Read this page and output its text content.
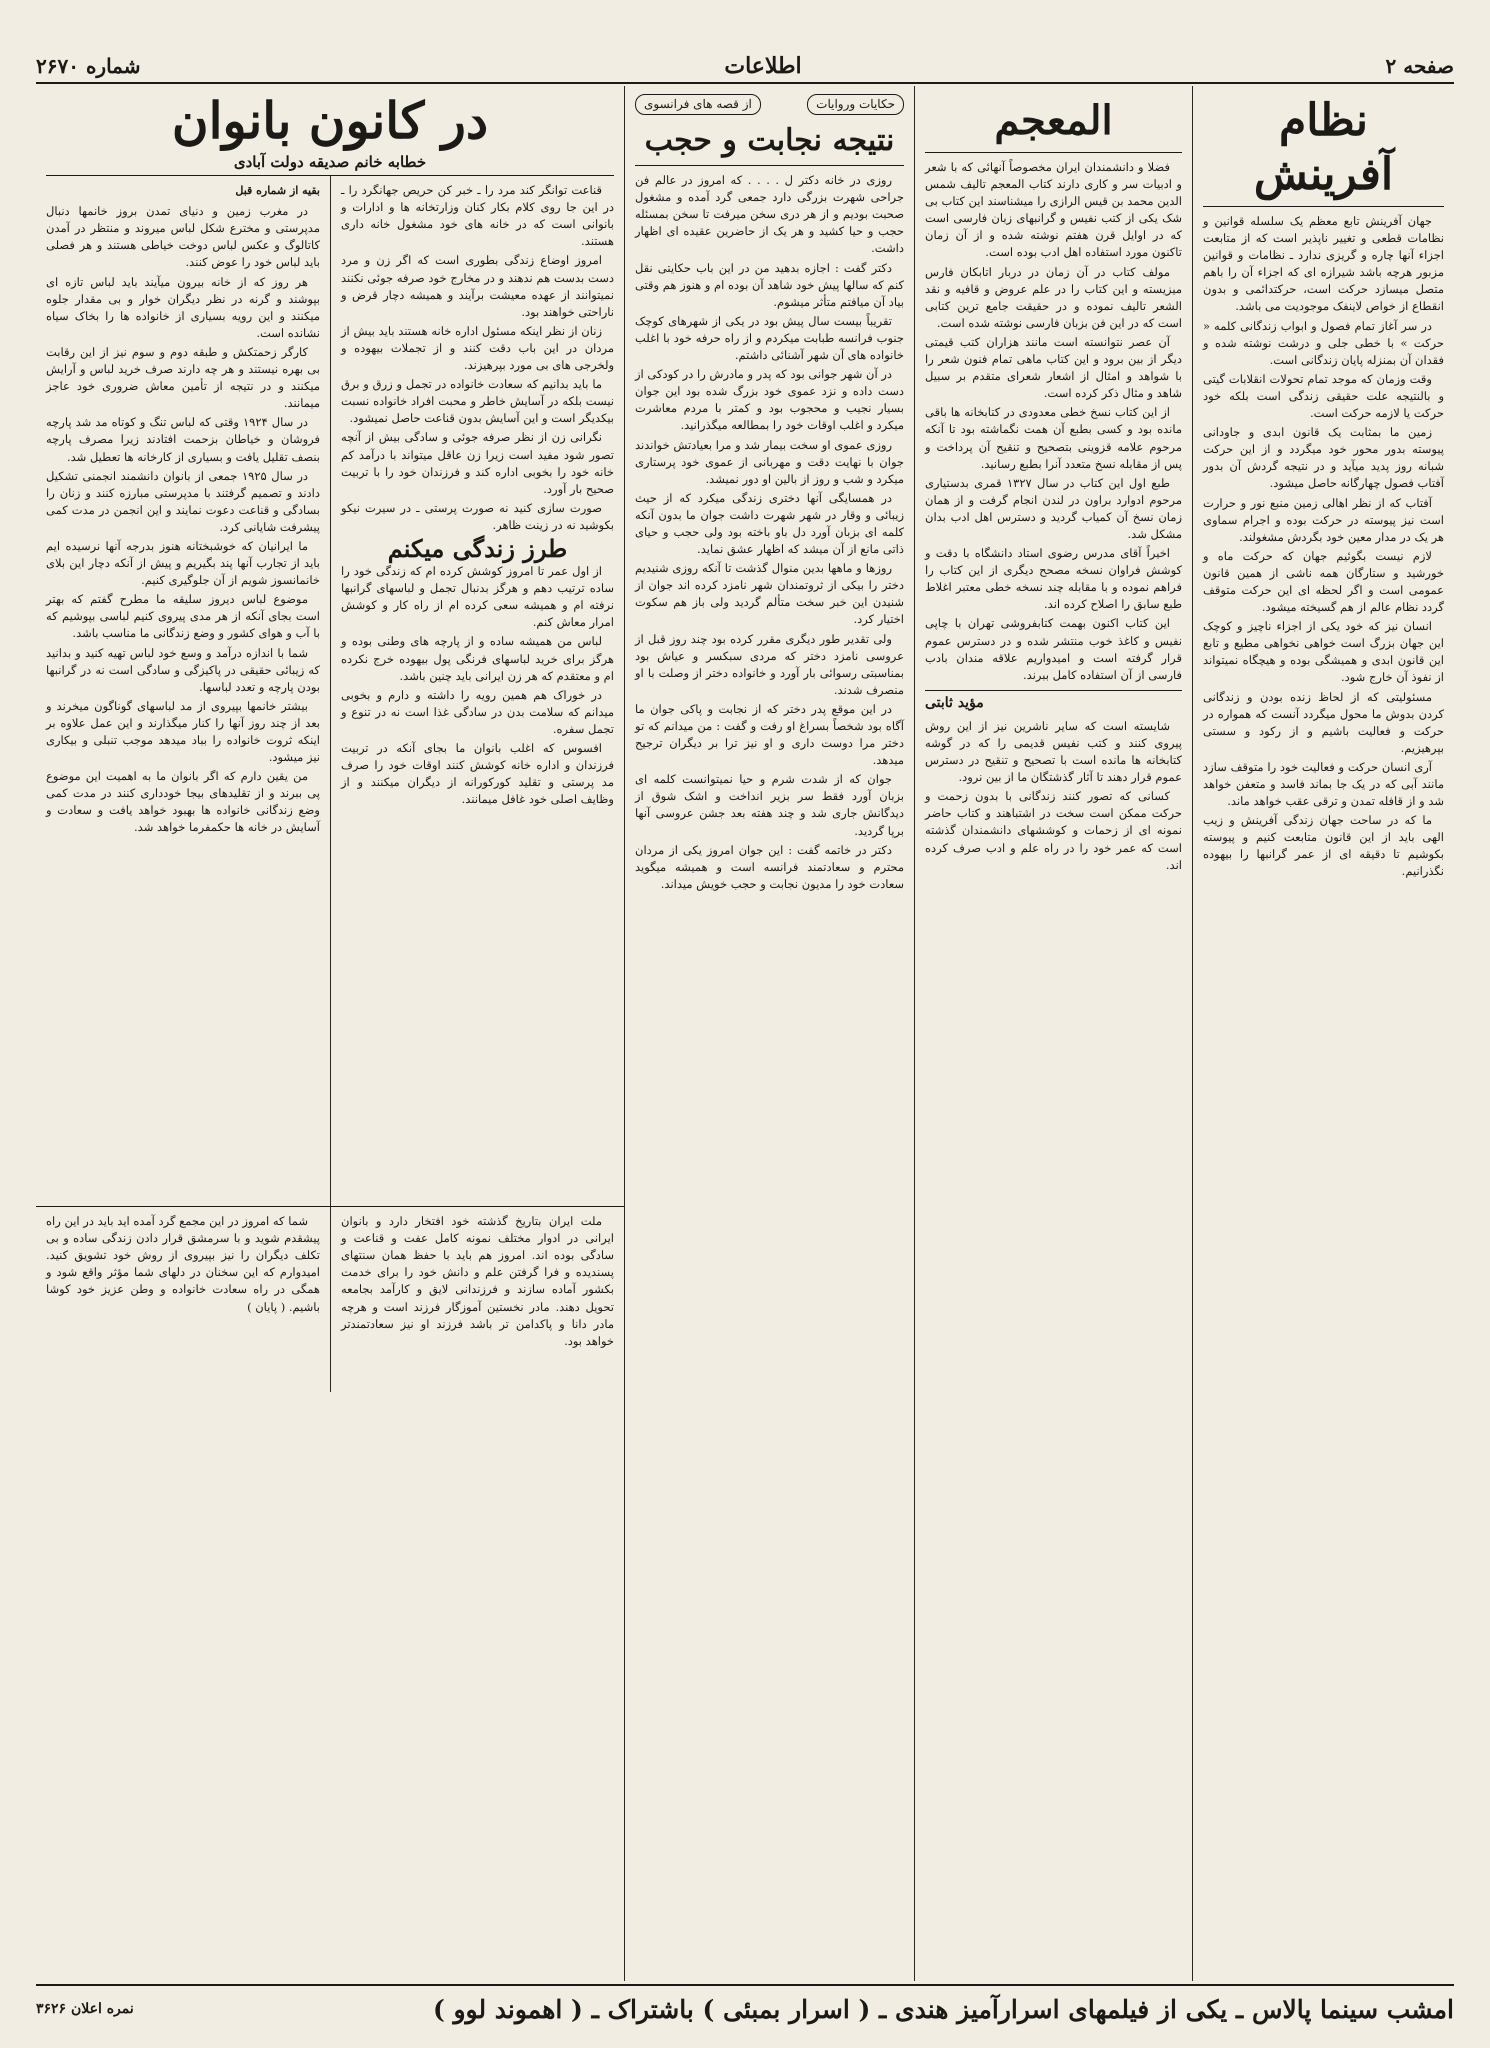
صفحه ۲
اطلاعات
شماره ۲۶۷۰
نظام آفرینش

جهان آفرینش تابع معظم یک سلسله قوانین و نظامات قطعی و تغییر ناپذیر است که از متابعت اجزاء آنها چاره و گریزی ندارد ـ نظامات و قوانین مزبور هرچه باشد شیرازه ای که اجزاء آن را باهم متصل میسازد حرکت است، حرکتدائمی و بدون انقطاع از خواص لاینفک موجودیت می باشد.

در سر آغاز تمام فصول و ابواب زندگانی کلمه « حرکت » با خطی جلی و درشت نوشته شده و فقدان آن بمنزله پایان زندگانی است.

وقت وزمان که موجد تمام تحولات انقلابات گیتی و بالنتیجه علت حقیقی زندگی است بلکه خود حرکت یا لازمه حرکت است.

زمین ما بمثابت یک قانون ابدی و جاودانی پیوسته بدور محور خود میگردد و از این حرکت شبانه روز پدید میآید و در نتیجه گردش آن بدور آفتاب فصول چهارگانه حاصل میشود.

آفتاب که از نظر اهالی زمین منبع نور و حرارت است نیز پیوسته در حرکت بوده و اجرام سماوی هر یک در مدار معین خود بگردش مشغولند.

لازم نیست بگوئیم جهان که حرکت ماه و خورشید و ستارگان همه ناشی از همین قانون عمومی است و اگر لحظه ای این حرکت متوقف گردد نظام عالم از هم گسیخته میشود.

انسان نیز که خود یکی از اجزاء ناچیز و کوچک این جهان بزرگ است خواهی نخواهی مطیع و تابع این قانون ابدی و همیشگی بوده و هیچگاه نمیتواند از نفوذ آن خارج شود.

مسئولیتی که از لحاظ زنده بودن و زندگانی کردن بدوش ما محول میگردد آنست که همواره در حرکت و فعالیت باشیم و از رکود و سستی بپرهیزیم.

آری انسان حرکت و فعالیت خود را متوقف سازد مانند آبی که در یک جا بماند فاسد و متعفن خواهد شد و از قافله تمدن و ترقی عقب خواهد ماند.

ما که در ساحت جهان زندگی آفرینش و زیب الهی باید از این قانون متابعت کنیم و پیوسته بکوشیم تا دقیقه ای از عمر گرانبها را بیهوده نگذرانیم.

المعجم

فضلا و دانشمندان ایران مخصوصاً آنهائی که با شعر و ادبیات سر و کاری دارند کتاب المعجم تالیف شمس الدین محمد بن قیس الرازی را میشناسند این کتاب بی شک یکی از کتب نفیس و گرانبهای زبان فارسی است که در اوایل قرن هفتم نوشته شده و از آن زمان تاکنون مورد استفاده اهل ادب بوده است.

مولف کتاب در آن زمان در دربار اتابکان فارس میزیسته و این کتاب را در علم عروض و قافیه و نقد الشعر تالیف نموده و در حقیقت جامع ترین کتابی است که در این فن بزبان فارسی نوشته شده است.

آن عصر نتوانسته است مانند هزاران کتب قیمتی دیگر از بین برود و این کتاب ماهی تمام فنون شعر را با شواهد و امثال از اشعار شعرای متقدم بر سبیل شاهد و مثال ذکر کرده است.

از این کتاب نسخ خطی معدودی در کتابخانه ها باقی مانده بود و کسی بطبع آن همت نگماشته بود تا آنکه مرحوم علامه قزوینی بتصحیح و تنقیح آن پرداخت و پس از مقابله نسخ متعدد آنرا بطبع رسانید.

طبع اول این کتاب در سال ۱۳۲۷ قمری بدستیاری مرحوم ادوارد براون در لندن انجام گرفت و از همان زمان نسخ آن کمیاب گردید و دسترس اهل ادب بدان مشکل شد.

اخیراً آقای مدرس رضوی استاد دانشگاه با دقت و کوشش فراوان نسخه مصحح دیگری از این کتاب را فراهم نموده و با مقابله چند نسخه خطی معتبر اغلاط طبع سابق را اصلاح کرده اند.

این کتاب اکنون بهمت کتابفروشی تهران با چاپی نفیس و کاغذ خوب منتشر شده و در دسترس عموم قرار گرفته است و امیدواریم علاقه مندان بادب فارسی از آن استفاده کامل ببرند.

مؤید ثابتی

شایسته است که سایر ناشرین نیز از این روش پیروی کنند و کتب نفیس قدیمی را که در گوشه کتابخانه ها مانده است با تصحیح و تنقیح در دسترس عموم قرار دهند تا آثار گذشتگان ما از بین نرود.

کسانی که تصور کنند زندگانی با بدون زحمت و حرکت ممکن است سخت در اشتباهند و کتاب حاضر نمونه ای از زحمات و کوششهای دانشمندان گذشته است که عمر خود را در راه علم و ادب صرف کرده اند.

حکایات وروایات
از قصه های فرانسوی
نتیجه نجابت و حجب

روزی در خانه دکتر ل . . . . که امروز در عالم فن جراحی شهرت بزرگی دارد جمعی گرد آمده و مشغول صحبت بودیم و از هر دری سخن میرفت تا سخن بمسئله حجب و حیا کشید و هر یک از حاضرین عقیده ای اظهار داشت.

دکتر گفت : اجازه بدهید من در این باب حکایتی نقل کنم که سالها پیش خود شاهد آن بوده ام و هنوز هم وقتی بیاد آن میافتم متأثر میشوم.

تقریباً بیست سال پیش بود در یکی از شهرهای کوچک جنوب فرانسه طبابت میکردم و از راه حرفه خود با اغلب خانواده های آن شهر آشنائی داشتم.

در آن شهر جوانی بود که پدر و مادرش را در کودکی از دست داده و نزد عموی خود بزرگ شده بود این جوان بسیار نجیب و محجوب بود و کمتر با مردم معاشرت میکرد و اغلب اوقات خود را بمطالعه میگذرانید.

روزی عموی او سخت بیمار شد و مرا بعیادتش خواندند جوان با نهایت دقت و مهربانی از عموی خود پرستاری میکرد و شب و روز از بالین او دور نمیشد.

در همسایگی آنها دختری زندگی میکرد که از حیث زیبائی و وقار در شهر شهرت داشت جوان ما بدون آنکه کلمه ای بزبان آورد دل باو باخته بود ولی حجب و حیای ذاتی مانع از آن میشد که اظهار عشق نماید.

روزها و ماهها بدین منوال گذشت تا آنکه روزی شنیدیم دختر را بیکی از ثروتمندان شهر نامزد کرده اند جوان از شنیدن این خبر سخت متألم گردید ولی باز هم سکوت اختیار کرد.

ولی تقدیر طور دیگری مقرر کرده بود چند روز قبل از عروسی نامزد دختر که مردی سبکسر و عیاش بود بمناسبتی رسوائی بار آورد و خانواده دختر از وصلت با او منصرف شدند.

در این موقع پدر دختر که از نجابت و پاکی جوان ما آگاه بود شخصاً بسراغ او رفت و گفت : من میدانم که تو دختر مرا دوست داری و او نیز ترا بر دیگران ترجیح میدهد.

جوان که از شدت شرم و حیا نمیتوانست کلمه ای بزبان آورد فقط سر بزیر انداخت و اشک شوق از دیدگانش جاری شد و چند هفته بعد جشن عروسی آنها برپا گردید.

دکتر در خاتمه گفت : این جوان امروز یکی از مردان محترم و سعادتمند فرانسه است و همیشه میگوید سعادت خود را مدیون نجابت و حجب خویش میداند.

در کانون بانوان
خطابه خانم صدیقه دولت آبادی

قناعت توانگر کند مرد را ـ خبر کن حریص جهانگرد را ـ در این جا روی کلام بکار کنان وزارتخانه ها و ادارات و بانوانی است که در خانه های خود مشغول خانه داری هستند.

امروز اوضاع زندگی بطوری است که اگر زن و مرد دست بدست هم ندهند و در مخارج خود صرفه جوئی نکنند نمیتوانند از عهده معیشت برآیند و همیشه دچار قرض و ناراحتی خواهند بود.

زنان از نظر اینکه مسئول اداره خانه هستند باید بیش از مردان در این باب دقت کنند و از تجملات بیهوده و ولخرجی های بی مورد بپرهیزند.

ما باید بدانیم که سعادت خانواده در تجمل و زرق و برق نیست بلکه در آسایش خاطر و محبت افراد خانواده نسبت بیکدیگر است و این آسایش بدون قناعت حاصل نمیشود.

نگرانی زن از نظر صرفه جوئی و سادگی بیش از آنچه تصور شود مفید است زیرا زن عاقل میتواند با درآمد کم خانه خود را بخوبی اداره کند و فرزندان خود را با تربیت صحیح بار آورد.

صورت سازی کنید نه صورت پرستی ـ در سیرت نیکو بکوشید نه در زینت ظاهر.

طرز زندگی میکنم

از اول عمر تا امروز کوشش کرده ام که زندگی خود را ساده ترتیب دهم و هرگز بدنبال تجمل و لباسهای گرانبها نرفته ام و همیشه سعی کرده ام از راه کار و کوشش امرار معاش کنم.

لباس من همیشه ساده و از پارچه های وطنی بوده و هرگز برای خرید لباسهای فرنگی پول بیهوده خرج نکرده ام و معتقدم که هر زن ایرانی باید چنین باشد.

در خوراک هم همین رویه را داشته و دارم و بخوبی میدانم که سلامت بدن در سادگی غذا است نه در تنوع و تجمل سفره.

افسوس که اغلب بانوان ما بجای آنکه در تربیت فرزندان و اداره خانه کوشش کنند اوقات خود را صرف مد پرستی و تقلید کورکورانه از دیگران میکنند و از وظایف اصلی خود غافل میمانند.

بقیه از شماره قبل

در مغرب زمین و دنیای تمدن بروز خانمها دنبال مدپرستی و مخترع شکل لباس میروند و منتظر در آمدن کاتالوگ و عکس لباس دوخت خیاطی هستند و هر فصلی باید لباس خود را عوض کنند.

هر روز که از خانه بیرون میآیند باید لباس تازه ای بپوشند و گرنه در نظر دیگران خوار و بی مقدار جلوه میکنند و این رویه بسیاری از خانواده ها را بخاک سیاه نشانده است.

کارگر زحمتکش و طبقه دوم و سوم نیز از این رقابت بی بهره نیستند و هر چه دارند صرف خرید لباس و آرایش میکنند و در نتیجه از تأمین معاش ضروری خود عاجز میمانند.

در سال ۱۹۲۴ وقتی که لباس تنگ و کوتاه مد شد پارچه فروشان و خیاطان بزحمت افتادند زیرا مصرف پارچه بنصف تقلیل یافت و بسیاری از کارخانه ها تعطیل شد.

در سال ۱۹۲۵ جمعی از بانوان دانشمند انجمنی تشکیل دادند و تصمیم گرفتند با مدپرستی مبارزه کنند و زنان را بسادگی و قناعت دعوت نمایند و این انجمن در مدت کمی پیشرفت شایانی کرد.

ما ایرانیان که خوشبختانه هنوز بدرجه آنها نرسیده ایم باید از تجارب آنها پند بگیریم و پیش از آنکه دچار این بلای خانمانسوز شویم از آن جلوگیری کنیم.

موضوع لباس دیروز سلیقه ما مطرح گفتم که بهتر است بجای آنکه از هر مدی پیروی کنیم لباسی بپوشیم که با آب و هوای کشور و وضع زندگانی ما مناسب باشد.

شما با اندازه درآمد و وسع خود لباس تهیه کنید و بدانید که زیبائی حقیقی در پاکیزگی و سادگی است نه در گرانبها بودن پارچه و تعدد لباسها.

بیشتر خانمها بپیروی از مد لباسهای گوناگون میخرند و بعد از چند روز آنها را کنار میگذارند و این عمل علاوه بر اینکه ثروت خانواده را بباد میدهد موجب تنبلی و بیکاری نیز میشود.

من یقین دارم که اگر بانوان ما به اهمیت این موضوع پی ببرند و از تقلیدهای بیجا خودداری کنند در مدت کمی وضع زندگانی خانواده ها بهبود خواهد یافت و سعادت و آسایش در خانه ها حکمفرما خواهد شد.

ملت ایران بتاریخ گذشته خود افتخار دارد و بانوان ایرانی در ادوار مختلف نمونه کامل عفت و قناعت و سادگی بوده اند. امروز هم باید با حفظ همان سنتهای پسندیده و فرا گرفتن علم و دانش خود را برای خدمت بکشور آماده سازند و فرزندانی لایق و کارآمد بجامعه تحویل دهند. مادر نخستین آموزگار فرزند است و هرچه مادر دانا و پاکدامن تر باشد فرزند او نیز سعادتمندتر خواهد بود.

شما که امروز در این مجمع گرد آمده اید باید در این راه پیشقدم شوید و با سرمشق قرار دادن زندگی ساده و بی تکلف دیگران را نیز بپیروی از روش خود تشویق کنید. امیدوارم که این سخنان در دلهای شما مؤثر واقع شود و همگی در راه سعادت خانواده و وطن عزیز خود کوشا باشیم. ( پایان )

امشب سینما پالاس ـ یکی از فیلمهای اسرارآمیز هندی ـ ( اسرار بمبئی ) باشتراک ـ ( اهموند لوو )
نمره اعلان ۳۶۲۶
